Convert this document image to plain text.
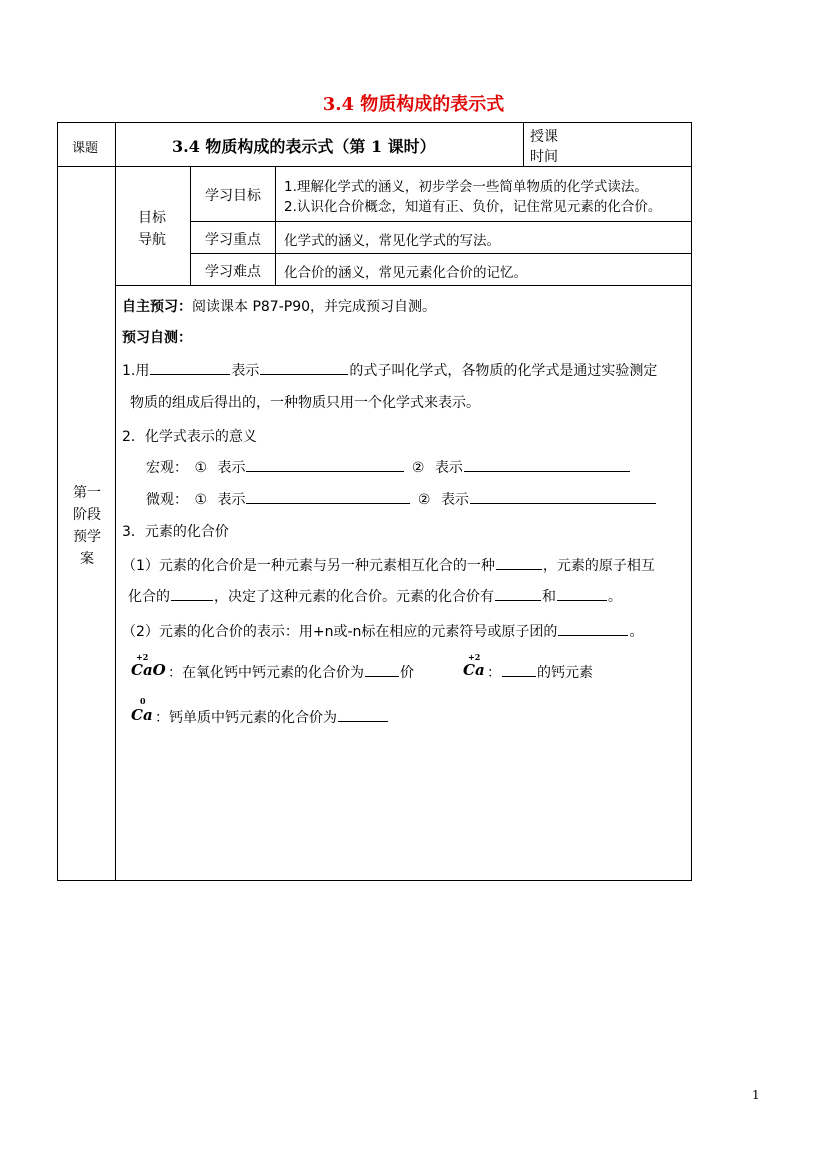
3.4 物质构成的表示式
课题	3.4 物质构成的表示式（第 1 课时）	授课
时间
第一
阶段
预学
案
目标
导航
学习目标
1.理解化学式的涵义，初步学会一些简单物质的化学式读法。
2.认识化合价概念，知道有正、负价，记住常见元素的化合价。
学习重点 化学式的涵义，常见化学式的写法。
学习难点 化合价的涵义，常见元素化合价的记忆。
自主预习：阅读课本 P87-P90，并完成预习自测。
预习自测：
1.用	表示	的式子叫化学式，各物质的化学式是通过实验测定
物质的组成后得出的，一种物质只用一个化学式来表示。
2．化学式表示的意义
宏观： ① 表示	② 表示
微观： ① 表示	② 表示
3．元素的化合价
（1）元素的化合价是一种元素与另一种元素相互化合的一种	，元素的原子相互
化合的	，决定了这种元素的化合价。元素的化合价有	和	。
（2）元素的化合价的表示：用+n或-n标在相应的元素符号或原子团的	。
+2
CaO ：在氧化钙中钙元素的化合价为	价
+2
Ca ：	的钙元素
0
Ca ：钙单质中钙元素的化合价为
1
